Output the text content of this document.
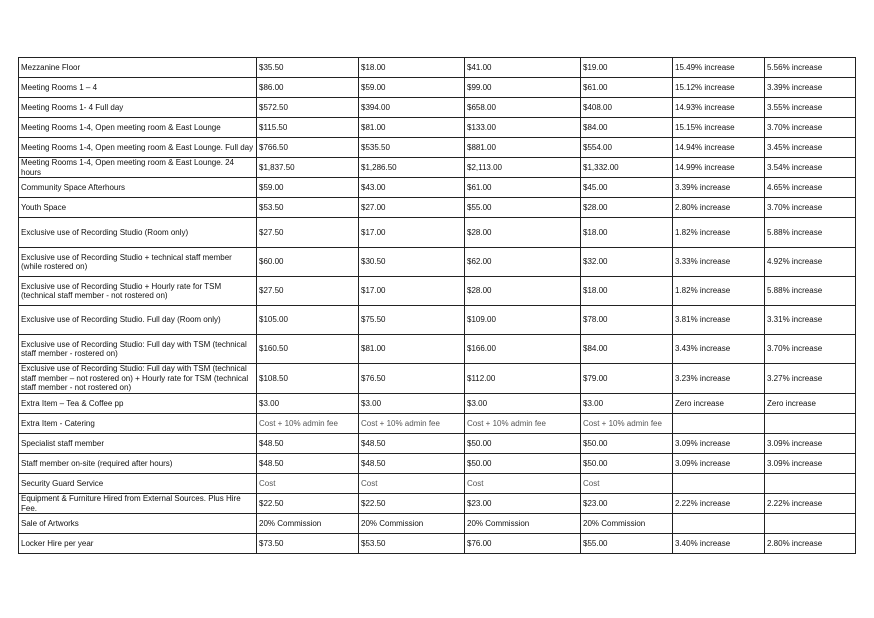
Mezzanine Floor	$35.50	$18.00	$41.00	$19.00	15.49% increase	5.56% increase
Meeting Rooms 1 – 4	$86.00	$59.00	$99.00	$61.00	15.12% increase	3.39% increase
Meeting Rooms 1- 4 Full day	$572.50	$394.00	$658.00	$408.00	14.93% increase	3.55% increase
Meeting Rooms 1-4, Open meeting room & East Lounge	$115.50	$81.00	$133.00	$84.00	15.15% increase	3.70% increase
Meeting Rooms 1-4, Open meeting room & East Lounge. Full day	$766.50	$535.50	$881.00	$554.00	14.94% increase	3.45% increase
Meeting Rooms 1-4, Open meeting room & East Lounge. 24 hours	$1,837.50	$1,286.50	$2,113.00	$1,332.00	14.99% increase	3.54% increase
Community Space Afterhours	$59.00	$43.00	$61.00	$45.00	3.39% increase	4.65% increase
Youth Space	$53.50	$27.00	$55.00	$28.00	2.80% increase	3.70% increase
Exclusive use of Recording Studio (Room only)	$27.50	$17.00	$28.00	$18.00	1.82% increase	5.88% increase
Exclusive use of Recording Studio + technical staff member (while rostered on)	$60.00	$30.50	$62.00	$32.00	3.33% increase	4.92% increase
Exclusive use of Recording Studio + Hourly rate for TSM (technical staff member - not rostered on)	$27.50	$17.00	$28.00	$18.00	1.82% increase	5.88% increase
Exclusive use of Recording Studio. Full day (Room only)	$105.00	$75.50	$109.00	$78.00	3.81% increase	3.31% increase
Exclusive use of Recording Studio: Full day with TSM (technical staff member - rostered on)	$160.50	$81.00	$166.00	$84.00	3.43% increase	3.70% increase
Exclusive use of Recording Studio: Full day with TSM (technical staff member – not rostered on) + Hourly rate for TSM (technical staff member - not rostered on)	$108.50	$76.50	$112.00	$79.00	3.23% increase	3.27% increase
Extra Item – Tea & Coffee pp	$3.00	$3.00	$3.00	$3.00	Zero increase	Zero increase
Extra Item - Catering	Cost + 10% admin fee	Cost + 10% admin fee	Cost + 10% admin fee	Cost + 10% admin fee		
Specialist staff member	$48.50	$48.50	$50.00	$50.00	3.09% increase	3.09% increase
Staff member on-site (required after hours)	$48.50	$48.50	$50.00	$50.00	3.09% increase	3.09% increase
Security Guard Service	Cost	Cost	Cost	Cost		
Equipment & Furniture Hired from External Sources. Plus Hire Fee.	$22.50	$22.50	$23.00	$23.00	2.22% increase	2.22% increase
Sale of Artworks	20% Commission	20% Commission	20% Commission	20% Commission		
Locker Hire per year	$73.50	$53.50	$76.00	$55.00	3.40% increase	2.80% increase
